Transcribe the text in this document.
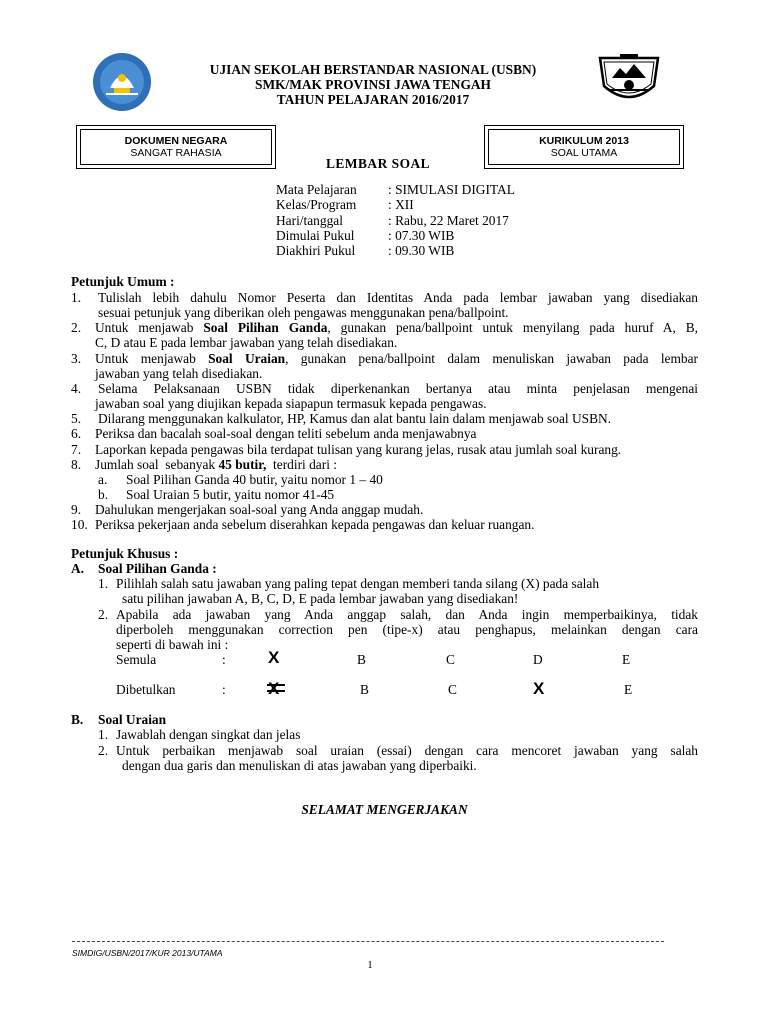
UJIAN SEKOLAH BERSTANDAR NASIONAL (USBN)
SMK/MAK PROVINSI JAWA TENGAH
TAHUN PELAJARAN 2016/2017
DOKUMEN NEGARA
SANGAT RAHASIA
KURIKULUM 2013
SOAL UTAMA
LEMBAR SOAL
Mata Pelajaran	: SIMULASI DIGITAL
Kelas/Program	: XII
Hari/tanggal	: Rabu, 22 Maret 2017
Dimulai Pukul	: 07.30 WIB
Diakhiri Pukul	: 09.30 WIB
Petunjuk Umum :
1. Tulislah lebih dahulu Nomor Peserta dan Identitas Anda pada lembar jawaban yang disediakan
sesuai petunjuk yang diberikan oleh pengawas menggunakan pena/ballpoint.
2. Untuk menjawab Soal Pilihan Ganda, gunakan pena/ballpoint untuk menyilang pada huruf A, B,
C, D atau E pada lembar jawaban yang telah disediakan.
3. Untuk menjawab Soal Uraian, gunakan pena/ballpoint dalam menuliskan jawaban pada lembar
jawaban yang telah disediakan.
4. Selama Pelaksanaan USBN tidak diperkenankan bertanya atau minta penjelasan mengenai
jawaban soal yang diujikan kepada siapapun termasuk kepada pengawas.
5. Dilarang menggunakan kalkulator, HP, Kamus dan alat bantu lain dalam menjawab soal USBN.
6. Periksa dan bacalah soal-soal dengan teliti sebelum anda menjawabnya
7. Laporkan kepada pengawas bila terdapat tulisan yang kurang jelas, rusak atau jumlah soal kurang.
8. Jumlah soal  sebanyak 45 butir,  terdiri dari :
a. Soal Pilihan Ganda 40 butir, yaitu nomor 1 – 40
b. Soal Uraian 5 butir, yaitu nomor 41-45
9. Dahulukan mengerjakan soal-soal yang Anda anggap mudah.
10. Periksa pekerjaan anda sebelum diserahkan kepada pengawas dan keluar ruangan.
Petunjuk Khusus :
A. Soal Pilihan Ganda :
1. Pilihlah salah satu jawaban yang paling tepat dengan memberi tanda silang (X) pada salah
satu pilihan jawaban A, B, C, D, E pada lembar jawaban yang disediakan!
2. Apabila ada jawaban yang Anda anggap salah, dan Anda ingin memperbaikinya, tidak
diperboleh menggunakan correction pen (tipe-x) atau penghapus, melainkan dengan cara
seperti di bawah ini :
Semula	: X	B	C	D	E
Dibetulkan	: X	B	C	X	E
B. Soal Uraian
1. Jawablah dengan singkat dan jelas
2. Untuk perbaikan menjawab soal uraian (essai) dengan cara mencoret jawaban yang salah
dengan dua garis dan menuliskan di atas jawaban yang diperbaiki.
SELAMAT MENGERJAKAN
SIMDIG/USBN/2017/KUR 2013/UTAMA
1
